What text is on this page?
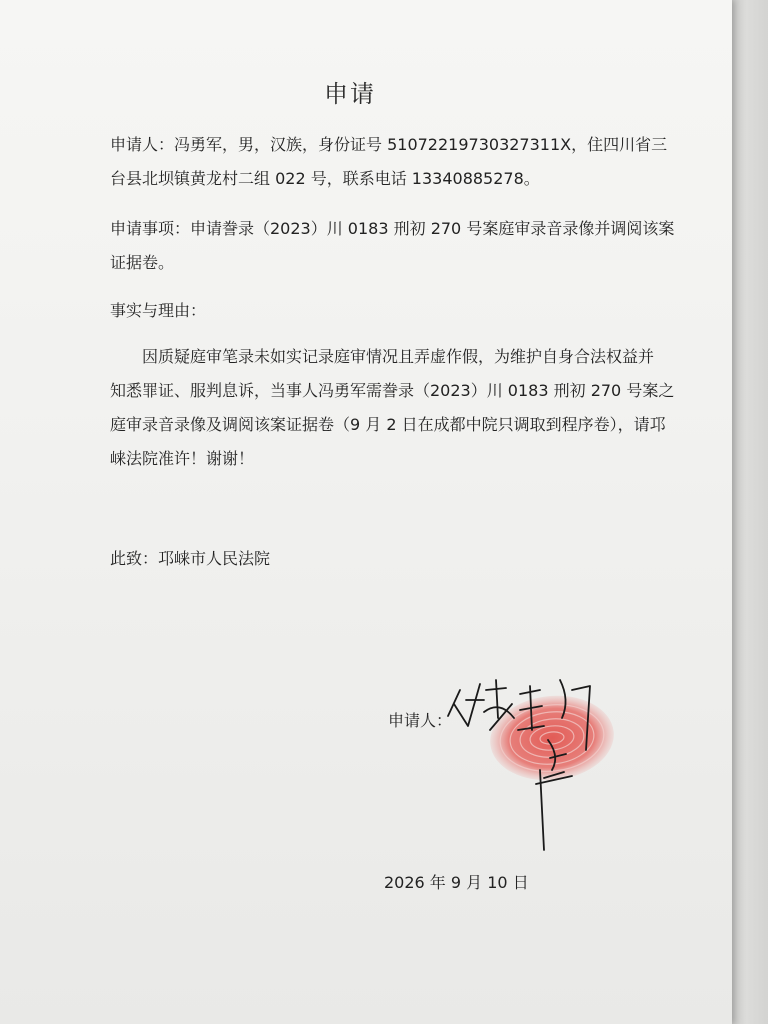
申请
申请人：冯勇军，男，汉族，身份证号 51072219730327311X，住四川省三
台县北坝镇黄龙村二组 022 号，联系电话 13340885278。
申请事项：申请誊录（2023）川 0183 刑初 270 号案庭审录音录像并调阅该案
证据卷。
事实与理由：
因质疑庭审笔录未如实记录庭审情况且弄虚作假，为维护自身合法权益并
知悉罪证、服判息诉，当事人冯勇军需誊录（2023）川 0183 刑初 270 号案之
庭审录音录像及调阅该案证据卷（9 月 2 日在成都中院只调取到程序卷），请邛
崃法院准许！谢谢！
此致：邛崃市人民法院
申请人：
2026 年 9 月 10 日
